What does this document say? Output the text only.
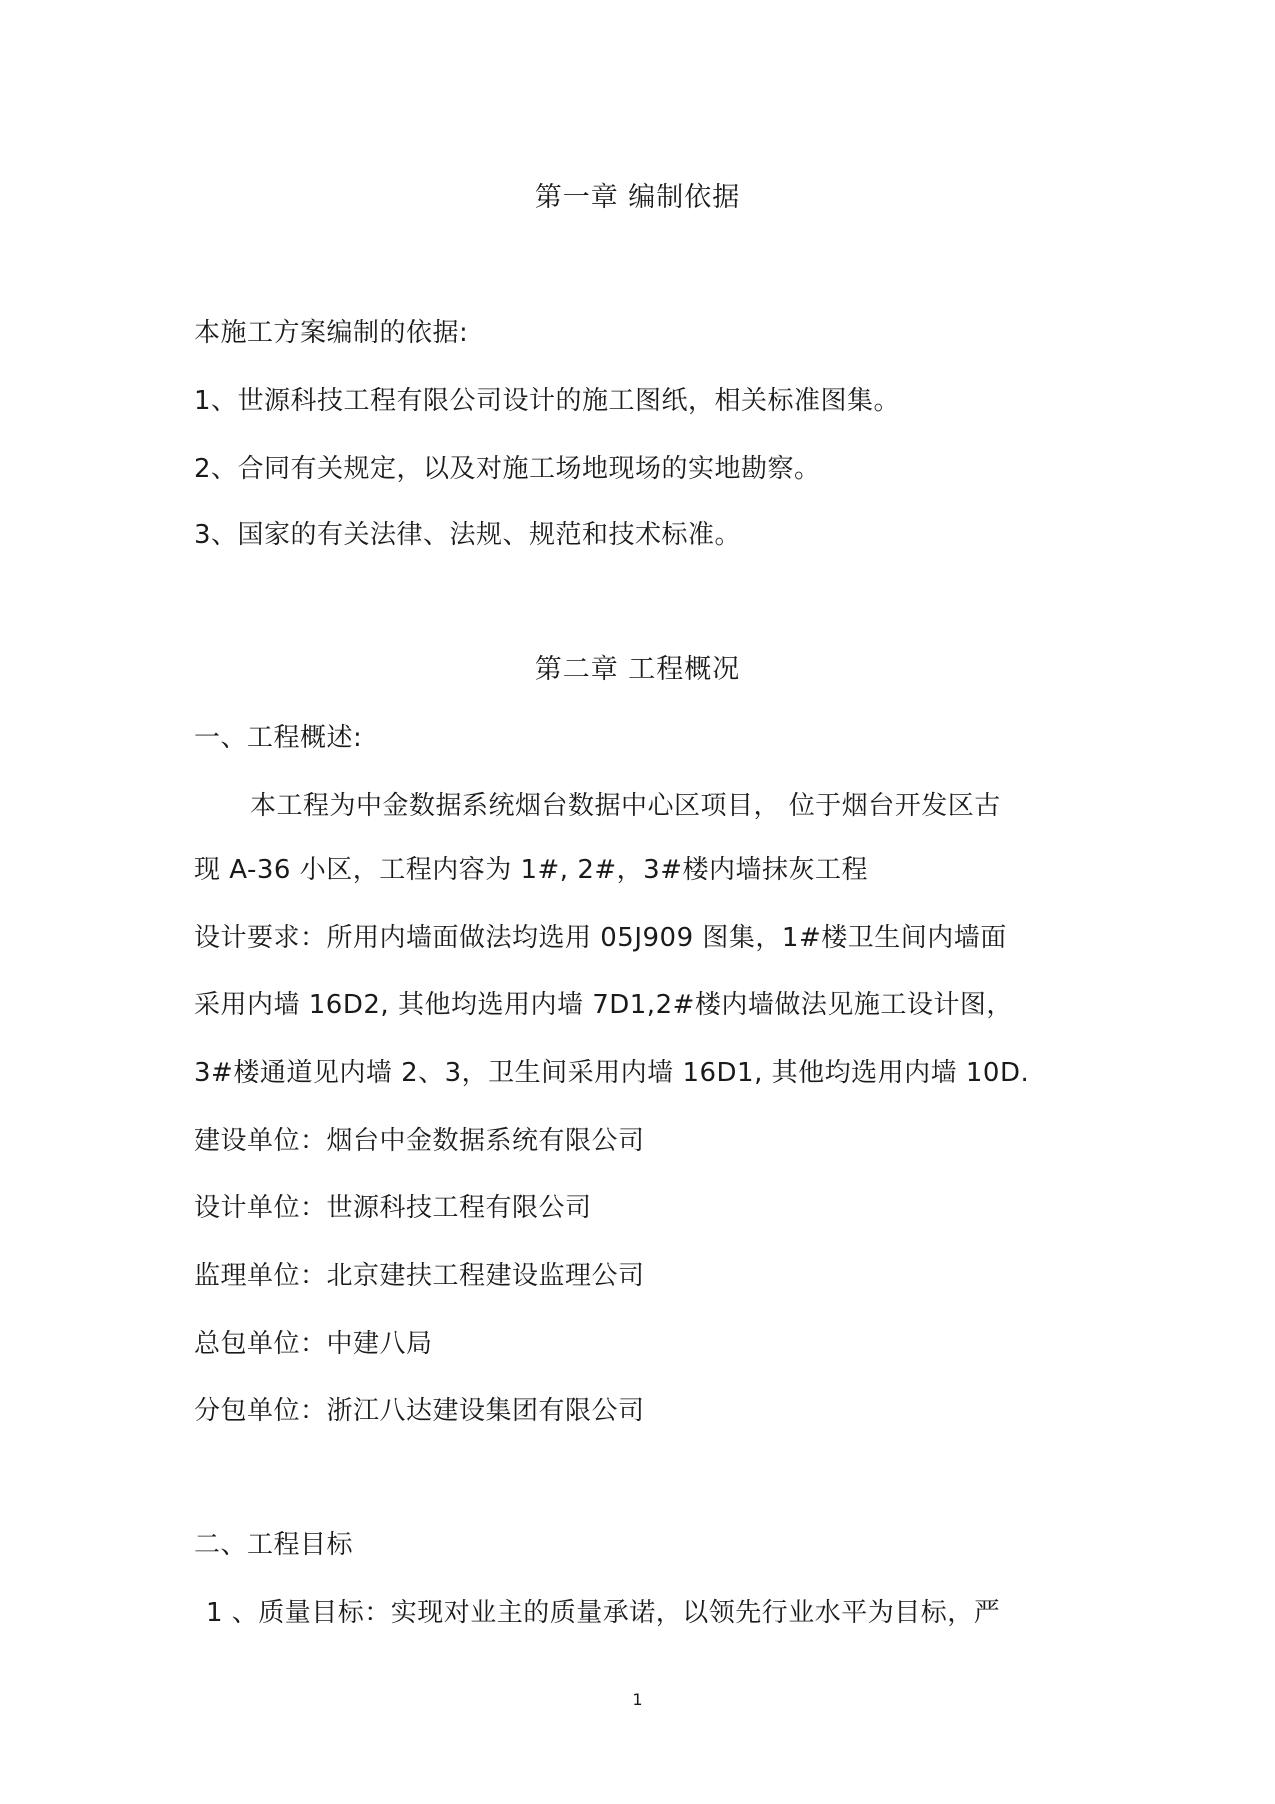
第一章 编制依据
本施工方案编制的依据:
1、世源科技工程有限公司设计的施工图纸，相关标准图集。
2、合同有关规定，以及对施工场地现场的实地勘察。
3、国家的有关法律、法规、规范和技术标准。
第二章 工程概况
一、工程概述:
本工程为中金数据系统烟台数据中心区项目， 位于烟台开发区古
现 A-36 小区，工程内容为 1#, 2#，3#楼内墙抹灰工程
设计要求：所用内墙面做法均选用 05J909 图集，1#楼卫生间内墙面
采用内墙 16D2, 其他均选用内墙 7D1,2#楼内墙做法见施工设计图，
3#楼通道见内墙 2、3，卫生间采用内墙 16D1, 其他均选用内墙 10D.
建设单位：烟台中金数据系统有限公司
设计单位：世源科技工程有限公司
监理单位：北京建扶工程建设监理公司
总包单位：中建八局
分包单位：浙江八达建设集团有限公司
二、工程目标
1 、质量目标：实现对业主的质量承诺，以领先行业水平为目标，严
1
